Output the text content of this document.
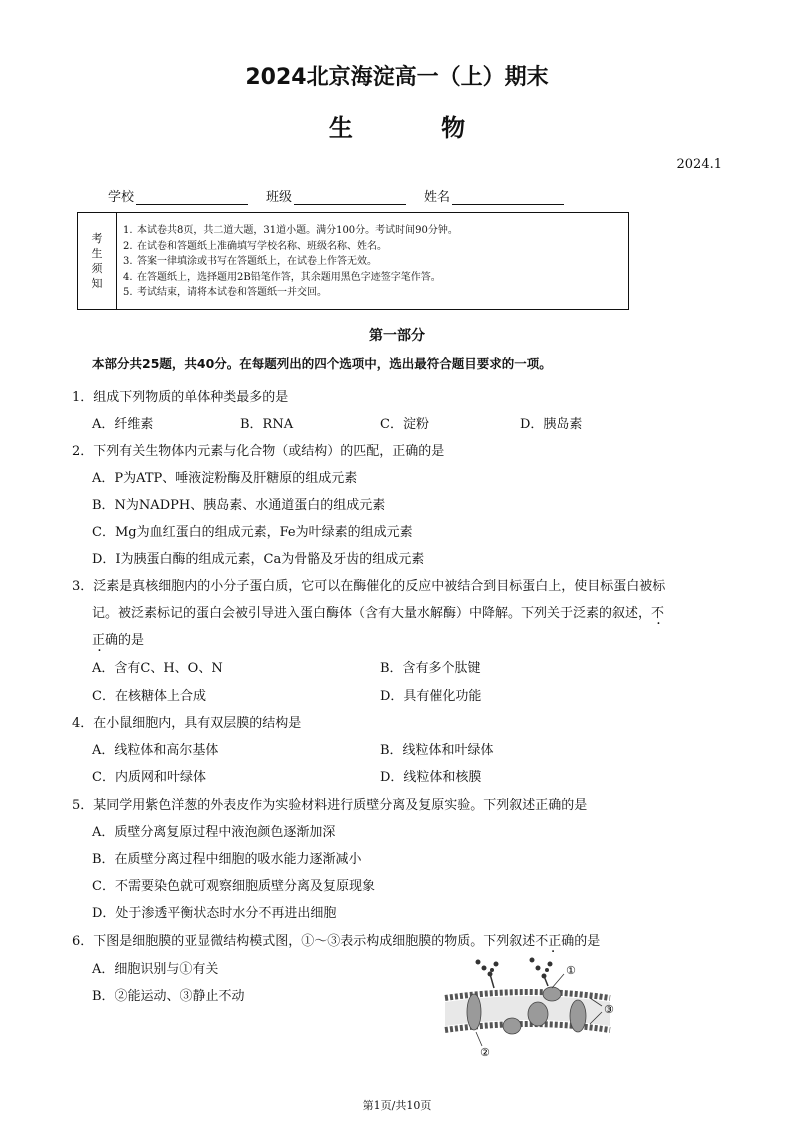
2024北京海淀高一（上）期末
生 物
2024.1
学校	班级	姓名
考
生
须
知
1. 本试卷共8页，共二道大题，31道小题。满分100分。考试时间90分钟。
2. 在试卷和答题纸上准确填写学校名称、班级名称、姓名。
3. 答案一律填涂或书写在答题纸上，在试卷上作答无效。
4. 在答题纸上，选择题用2B铅笔作答，其余题用黑色字迹签字笔作答。
5. 考试结束，请将本试卷和答题纸一并交回。
第一部分
本部分共25题，共40分。在每题列出的四个选项中，选出最符合题目要求的一项。
1．组成下列物质的单体种类最多的是
A．纤维素	B．RNA	C．淀粉	D．胰岛素
2．下列有关生物体内元素与化合物（或结构）的匹配，正确的是
A．P为ATP、唾液淀粉酶及肝糖原的组成元素
B．N为NADPH、胰岛素、水通道蛋白的组成元素
C．Mg为血红蛋白的组成元素，Fe为叶绿素的组成元素
D．I为胰蛋白酶的组成元素，Ca为骨骼及牙齿的组成元素
3．泛素是真核细胞内的小分子蛋白质，它可以在酶催化的反应中被结合到目标蛋白上，使目标蛋白被标
记。被泛素标记的蛋白会被引导进入蛋白酶体（含有大量水解酶）中降解。下列关于泛素的叙述，不
正确的是
A．含有C、H、O、N	B．含有多个肽键
C．在核糖体上合成	D．具有催化功能
4．在小鼠细胞内，具有双层膜的结构是
A．线粒体和高尔基体	B．线粒体和叶绿体
C．内质网和叶绿体	D．线粒体和核膜
5．某同学用紫色洋葱的外表皮作为实验材料进行质壁分离及复原实验。下列叙述正确的是
A．质壁分离复原过程中液泡颜色逐渐加深
B．在质壁分离过程中细胞的吸水能力逐渐减小
C．不需要染色就可观察细胞质壁分离及复原现象
D．处于渗透平衡状态时水分不再进出细胞
6．下图是细胞膜的亚显微结构模式图，①～③表示构成细胞膜的物质。下列叙述不正确的是
A．细胞识别与①有关
B．②能运动、③静止不动
①
②
③
第1页/共10页
